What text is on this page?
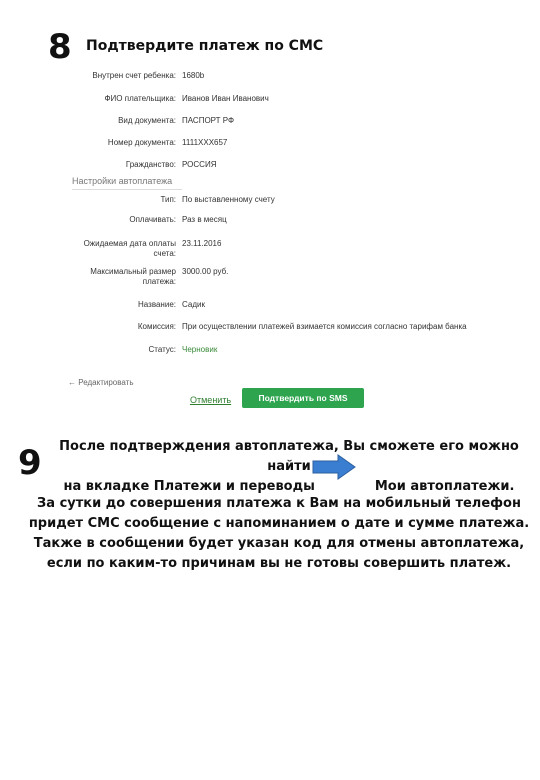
8 Подтвердите платеж по СМС
Внутрен счет ребенка: 1680b
ФИО плательщика: Иванов Иван Иванович
Вид документа: ПАСПОРТ РФ
Номер документа: 1111XXX657
Гражданство: РОССИЯ
Настройки автоплатежа
Тип: По выставленному счету
Оплачивать: Раз в месяц
Ожидаемая дата оплаты счета:
23.11.2016
Максимальный размер платежа:
3000.00 руб.
Название: Садик
Комиссия: При осуществлении платежей взимается комиссия согласно тарифам банка
Статус: Черновик
← Редактировать
Отменить	Подтвердить по SMS
9	После подтверждения автоплатежа, Вы сможете его можно найти
на вкладке Платежи и переводы	Мои автоплатежи.
За сутки до совершения платежа к Вам на мобильный телефон придет СМС сообщение с напоминанием о дате и сумме платежа. Также в сообщении будет указан код для отмены автоплатежа, если по каким-то причинам вы не готовы совершить платеж.
